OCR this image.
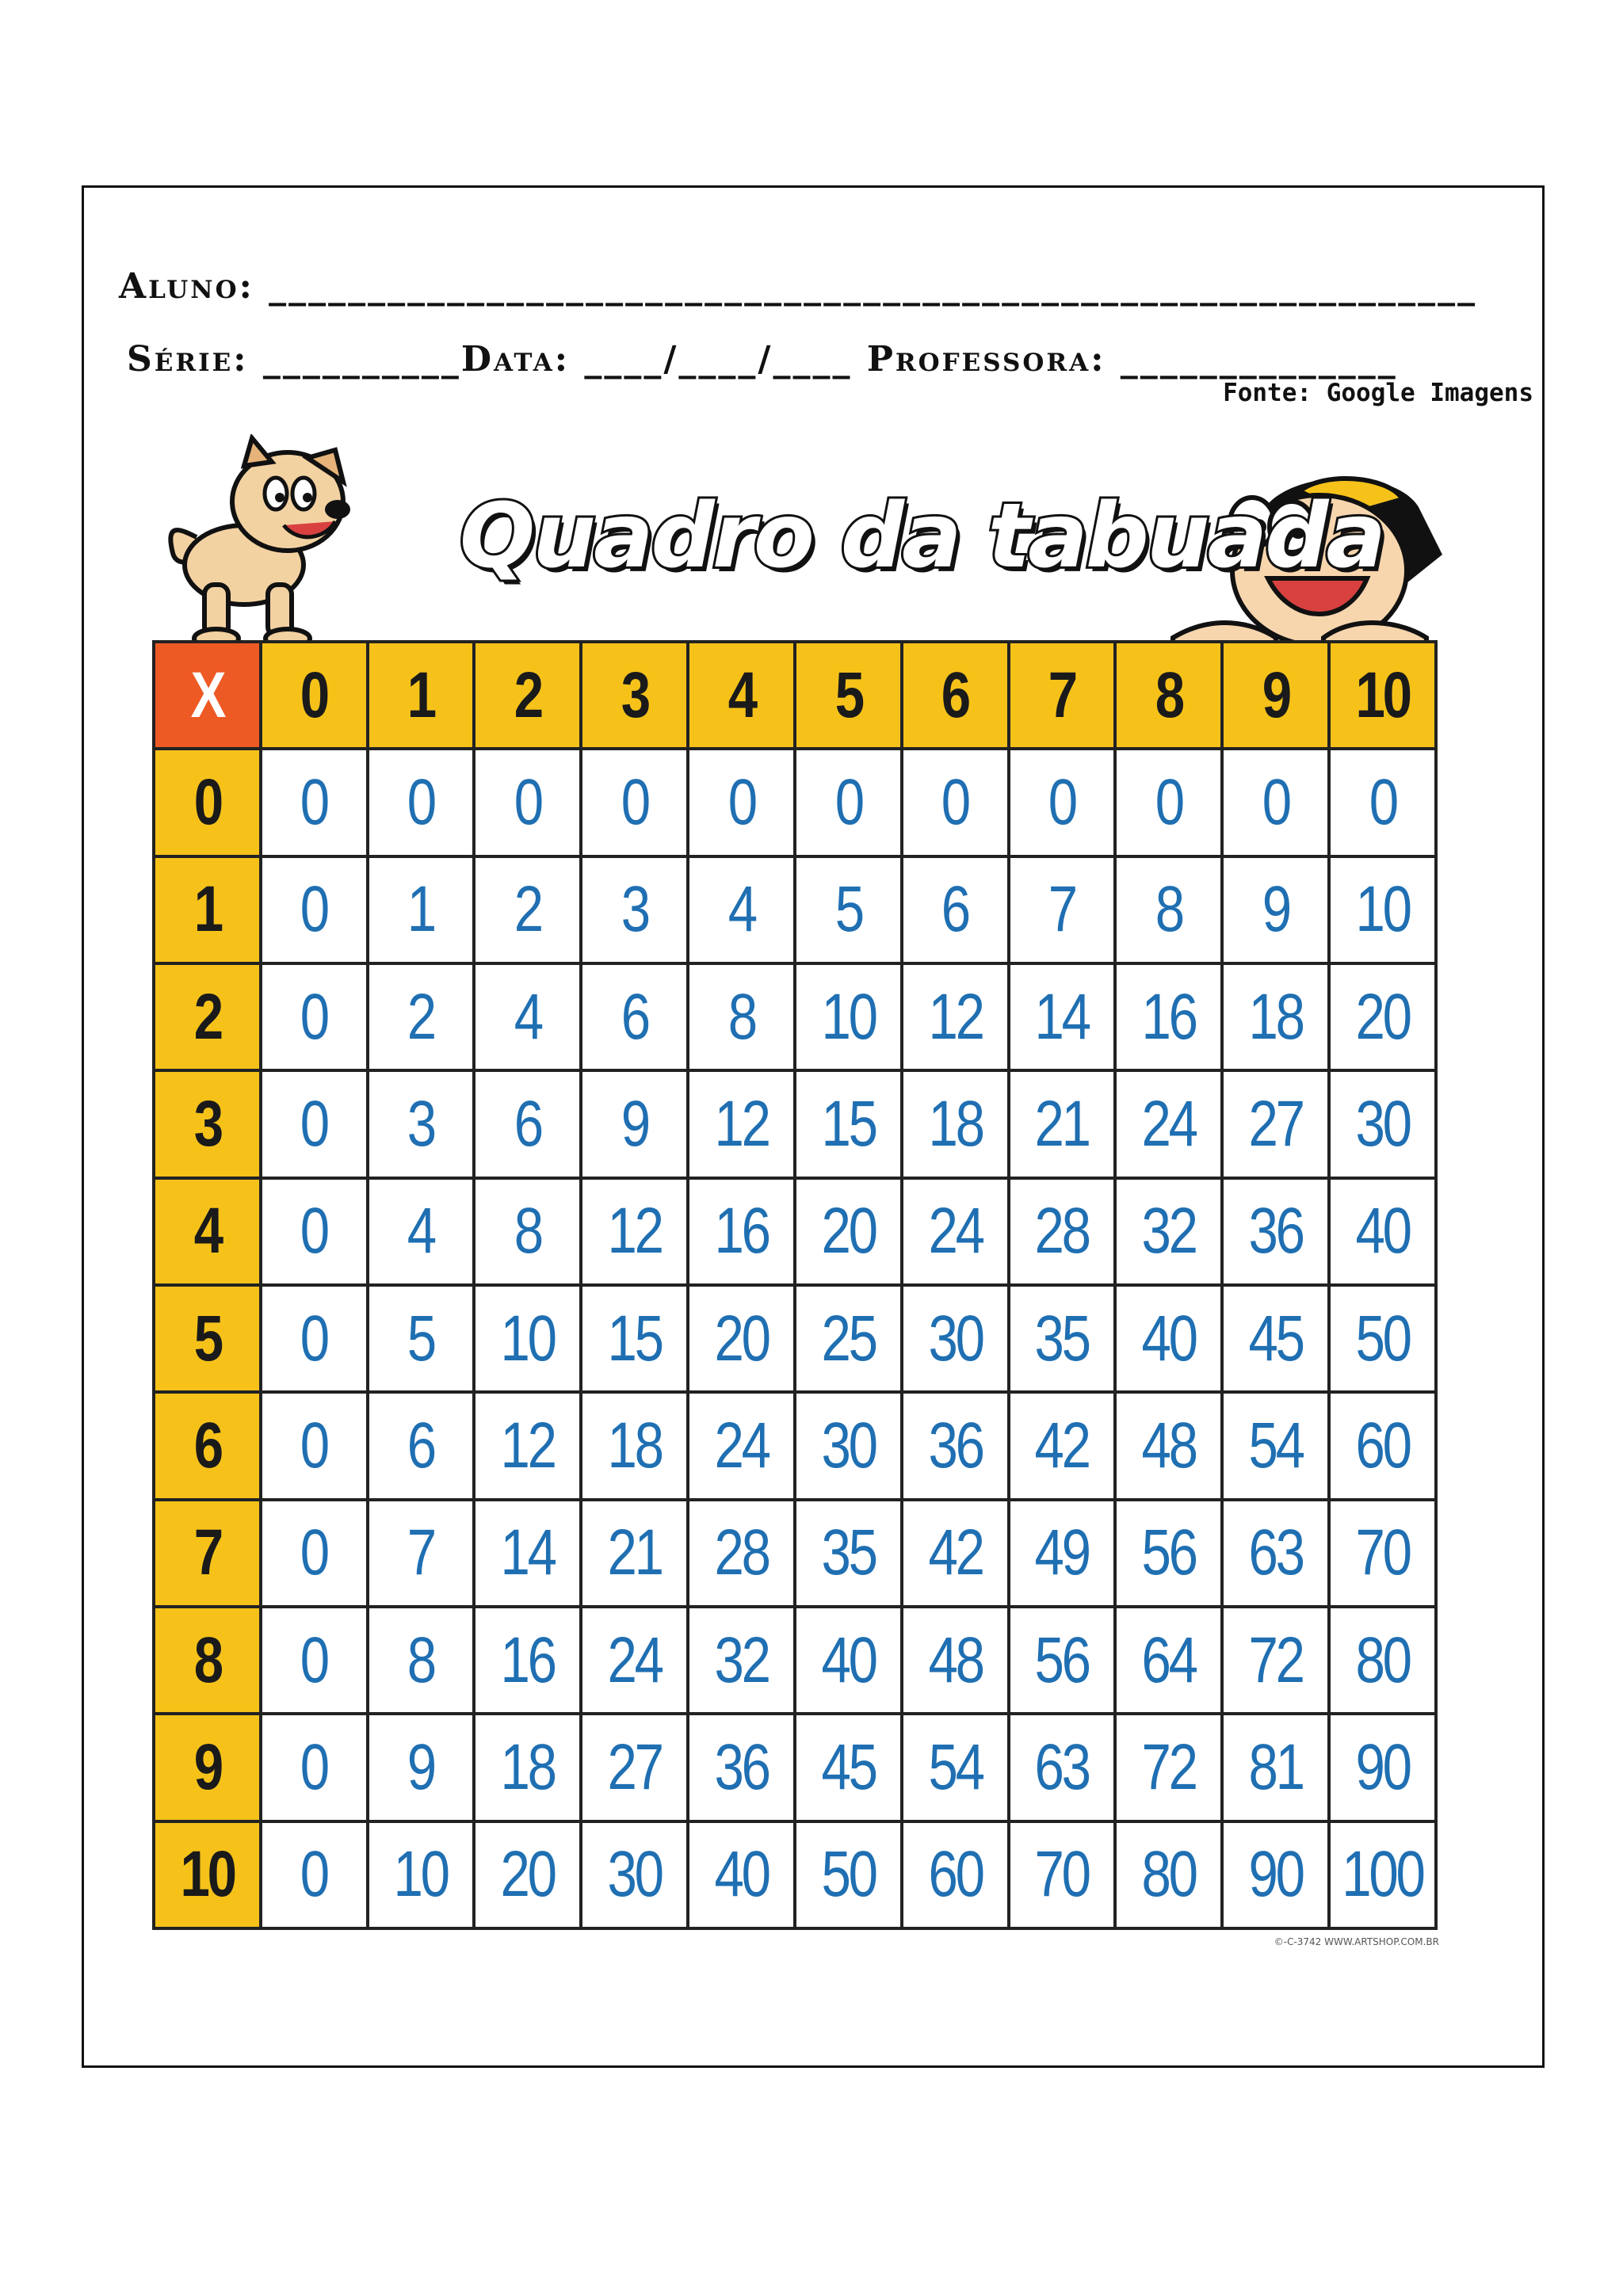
Aluno: _____________________________________________________________
Série: __________Data: ____/____/____ Professora: ______________
Fonte: Google Imagens
Quadro da tabuada
X 0 1 2 3 4 5 6 7 8 9 10
0 0 0 0 0 0 0 0 0 0 0 0
1 0 1 2 3 4 5 6 7 8 9 10
2 0 2 4 6 8 10 12 14 16 18 20
3 0 3 6 9 12 15 18 21 24 27 30
4 0 4 8 12 16 20 24 28 32 36 40
5 0 5 10 15 20 25 30 35 40 45 50
6 0 6 12 18 24 30 36 42 48 54 60
7 0 7 14 21 28 35 42 49 56 63 70
8 0 8 16 24 32 40 48 56 64 72 80
9 0 9 18 27 36 45 54 63 72 81 90
10 0 10 20 30 40 50 60 70 80 90 100
©-C-3742 WWW.ARTSHOP.COM.BR
